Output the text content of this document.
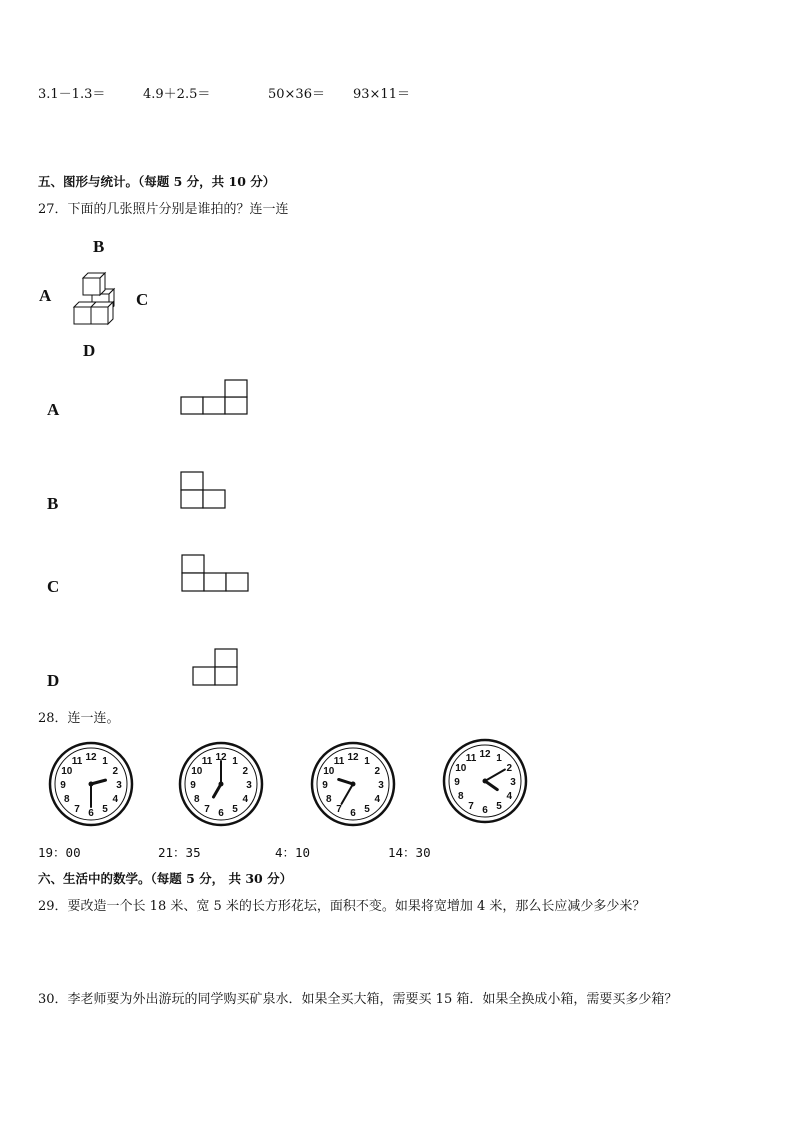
3.1－1.3＝	4.9＋2.5＝	50×36＝ 93×11＝
五、图形与统计。（每题 5 分，共 10 分）
27．下面的几张照片分别是谁拍的？连一连
B
A	C
D
A
B
C
D
28．连一连。
1
2
3
4
5
6
7
8
9
10
11 12	1
2
3
4
5
6
7
8
9
10
11 12	1
2
3
4
5
6
7
8
9
10
11 12	1
2
3
4
5
6
7
8
9
10
11 12
19：00	21：35	4：10	14：30
六、生活中的数学。（每题 5 分， 共 30 分）
29．要改造一个长 18 米、宽 5 米的长方形花坛，面积不变。如果将宽增加 4 米，那么长应减少多少米？
30．李老师要为外出游玩的同学购买矿泉水．如果全买大箱，需要买 15 箱．如果全换成小箱，需要买多少箱？
